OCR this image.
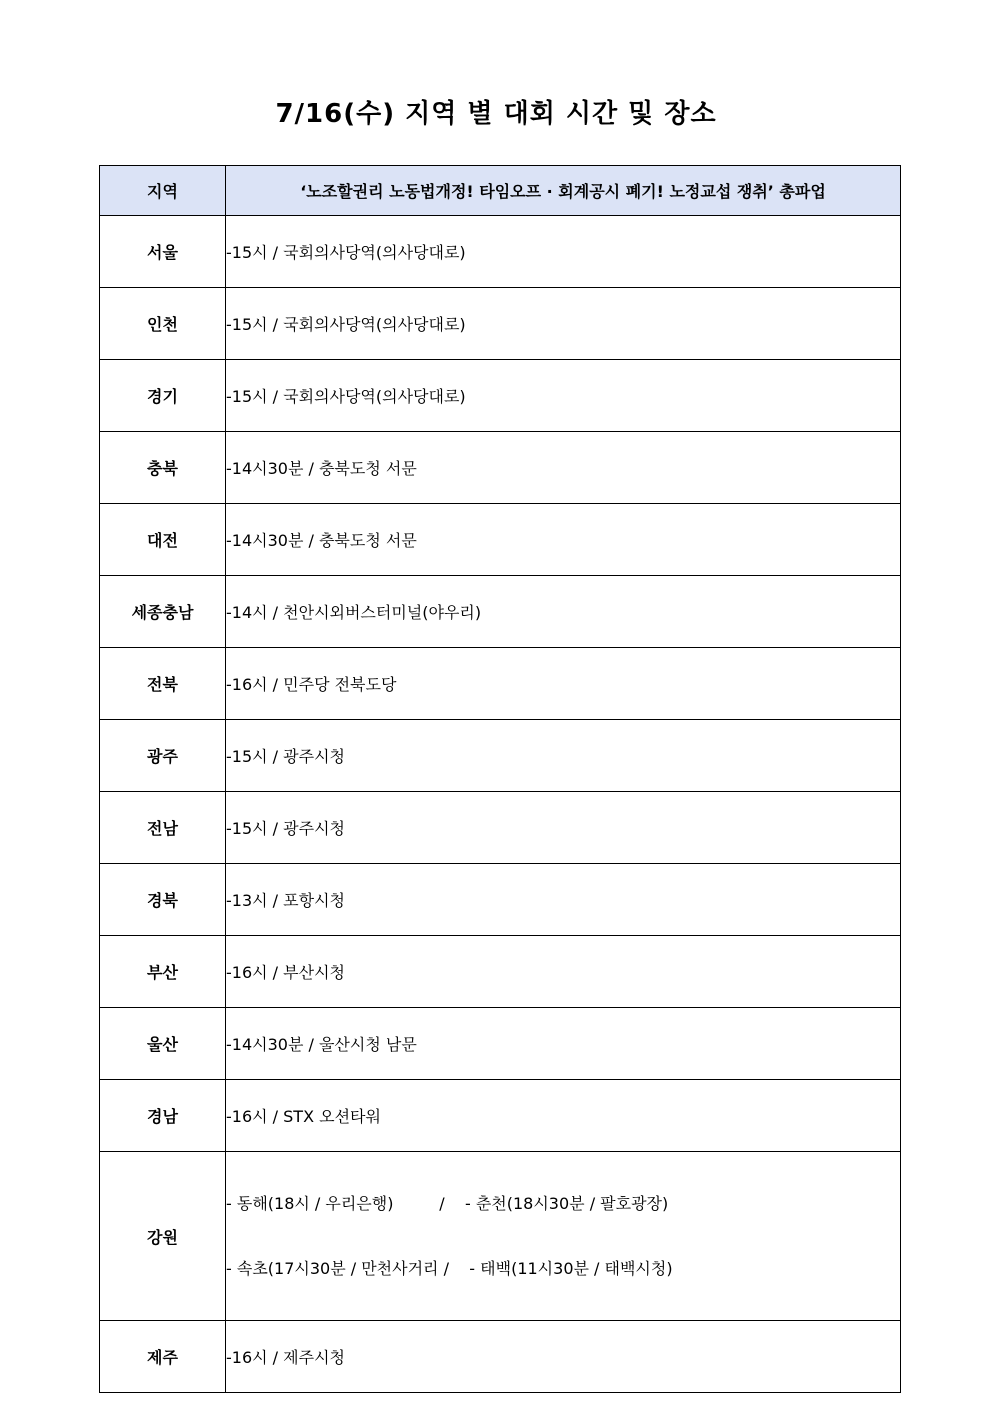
7/16(수) 지역 별 대회 시간 및 장소
지역	‘노조할권리 노동법개정! 타임오프 · 회계공시 폐기! 노정교섭 쟁취’ 총파업
서울	-15시 / 국회의사당역(의사당대로)
인천	-15시 / 국회의사당역(의사당대로)
경기	-15시 / 국회의사당역(의사당대로)
충북	-14시30분 / 충북도청 서문
대전	-14시30분 / 충북도청 서문
세종충남	-14시 / 천안시외버스터미널(야우리)
전북	-16시 / 민주당 전북도당
광주	-15시 / 광주시청
전남	-15시 / 광주시청
경북	-13시 / 포항시청
부산	-16시 / 부산시청
울산	-14시30분 / 울산시청 남문
경남	-16시 / STX 오션타워
강원	- 동해(18시 / 우리은행)         /    - 춘천(18시30분 / 팔호광장)

- 속초(17시30분 / 만천사거리 /    - 태백(11시30분 / 태백시청)

제주	-16시 / 제주시청
